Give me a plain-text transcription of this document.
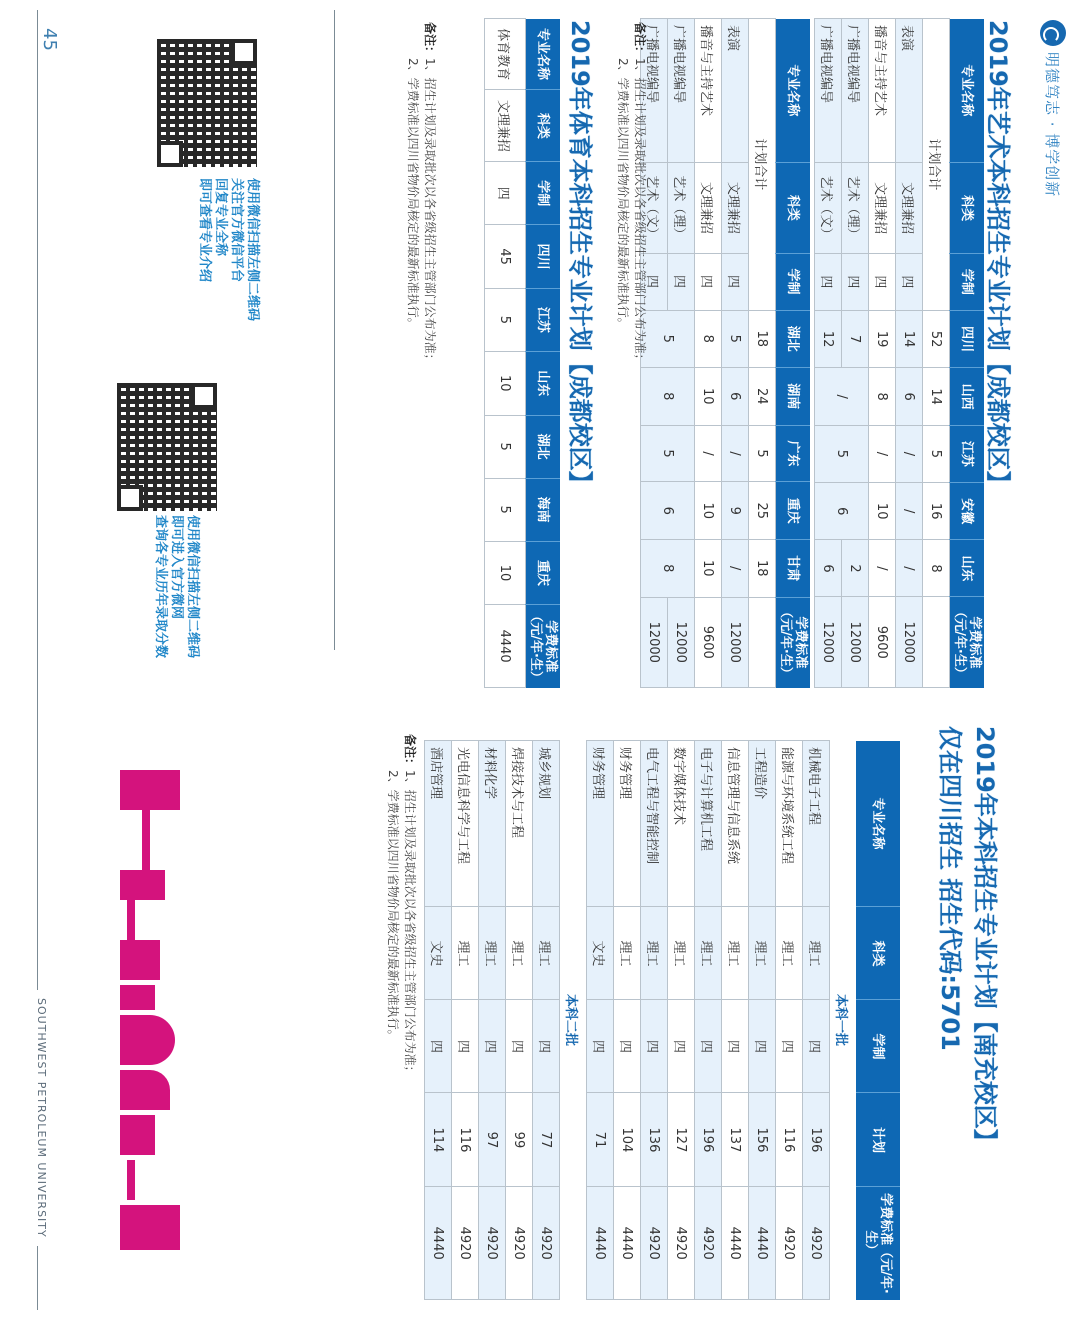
明德笃志 · 博学创新
2019年艺术本科招生专业计划【成都校区】
专业名称	科类	学制	四川	山西	江苏	安徽	山东	学费标准（元/年·生）
计划合计			52	14	5	16	8	
表演	文理兼招	四	14	6	/	/	/	12000
播音与主持艺术	文理兼招	四	19	8	/	10	/	9600
广播电视编导	艺术（理）	四	7	/	5	6	2	12000
广播电视编导	艺术（文）	四	12				6	12000
专业名称	科类	学制	湖北	湖南	广东	重庆	甘肃	学费标准（元/年·生）
计划合计			18	24	5	25	18	
表演	文理兼招	四	5	6	/	9	/	12000
播音与主持艺术	文理兼招	四	8	10	/	10	10	9600
广播电视编导	艺术（理）	四	5	8	5	6	8	12000
广播电视编导	艺术（文）	四						12000
备注：1、招生计划及录取批次以各省级招生主管部门公布为准；
2、学费标准以四川省物价局核定的最新标准执行。
2019年体育本科招生专业计划【成都校区】
专业名称	科类	学制	四川	江苏	山东	湖北	海南	重庆	学费标准（元/年·生）
体育教育	文理兼招	四	45	5	10	5	5	10	4440
备注：1、招生计划及录取批次以各省级招生主管部门公布为准；
2、学费标准以四川省物价局核定的最新标准执行。
使用微信扫描左侧二维码
关注官方微信平台
回复专业全称
即可查看专业介绍
使用微信扫描左侧二维码
即可进入官方微网
查询各专业历年录取分数
45
2019年本科招生专业计划【南充校区】
仅在四川招生 招生代码:5701
专业名称	科类	学制	计划	学费标准（元/年·生）
本科一批				
机械电子工程	理工	四	196	4920
能源与环境系统工程	理工	四	116	4920
工程造价	理工	四	156	4440
信息管理与信息系统	理工	四	137	4440
电子与计算机工程	理工	四	196	4920
数字媒体技术	理工	四	127	4920
电气工程与智能控制	理工	四	136	4920
财务管理	理工	四	104	4440
财务管理	文史	四	71	4440
本科二批				
城乡规划	理工	四	77	4920
焊接技术与工程	理工	四	99	4920
材料化学	理工	四	97	4920
光电信息科学与工程	理工	四	116	4920
酒店管理	文史	四	114	4440
备注：1、招生计划及录取批次以各省级招生主管部门公布为准；
2、学费标准以四川省物价局核定的最新标准执行。
SOUTHWEST PETROLEUM UNIVERSITY
